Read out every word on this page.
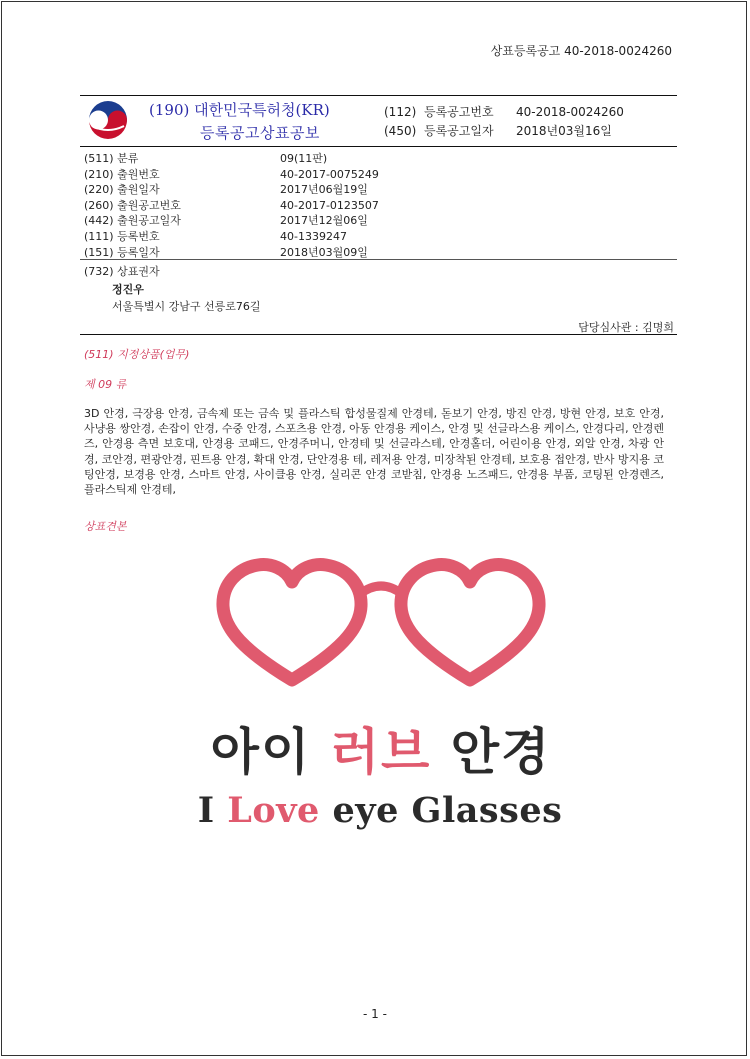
상표등록공고 40-2018-0024260
(190) 대한민국특허청(KR)
등록공고상표공보
(112) 등록공고번호	40-2018-0024260
(450) 등록공고일자	2018년03월16일
(511) 분류	09(11판)
(210) 출원번호	40-2017-0075249
(220) 출원일자	2017년06월19일
(260) 출원공고번호	40-2017-0123507
(442) 출원공고일자	2017년12월06일
(111) 등록번호	40-1339247
(151) 등록일자	2018년03월09일
(732) 상표권자
정진우
서울특별시 강남구 선릉로76길
담당심사관 : 김명희
(511) 지정상품(업무)
제 09 류
3D 안경, 극장용 안경, 금속제 또는 금속 및 플라스틱 합성물질제 안경테, 돋보기 안경, 방진 안경, 방현 안경, 보호 안경, 사냥용 쌍안경, 손잡이 안경, 수중 안경, 스포츠용 안경, 아동 안경용 케이스, 안경 및 선글라스용 케이스, 안경다리, 안경렌즈, 안경용 측면 보호대, 안경용 코패드, 안경주머니, 안경테 및 선글라스테, 안경홀더, 어린이용 안경, 외알 안경, 차광 안경, 코안경, 편광안경, 핀트용 안경, 확대 안경, 단안경용 테, 레저용 안경, 미장착된 안경테, 보호용 접안경, 반사 방지용 코팅안경, 보경용 안경, 스마트 안경, 사이클용 안경, 실리콘 안경 코받침, 안경용 노즈패드, 안경용 부품, 코팅된 안경렌즈, 플라스틱제 안경테,
상표견본
아이 러브 안경
I Love eye Glasses
- 1 -
